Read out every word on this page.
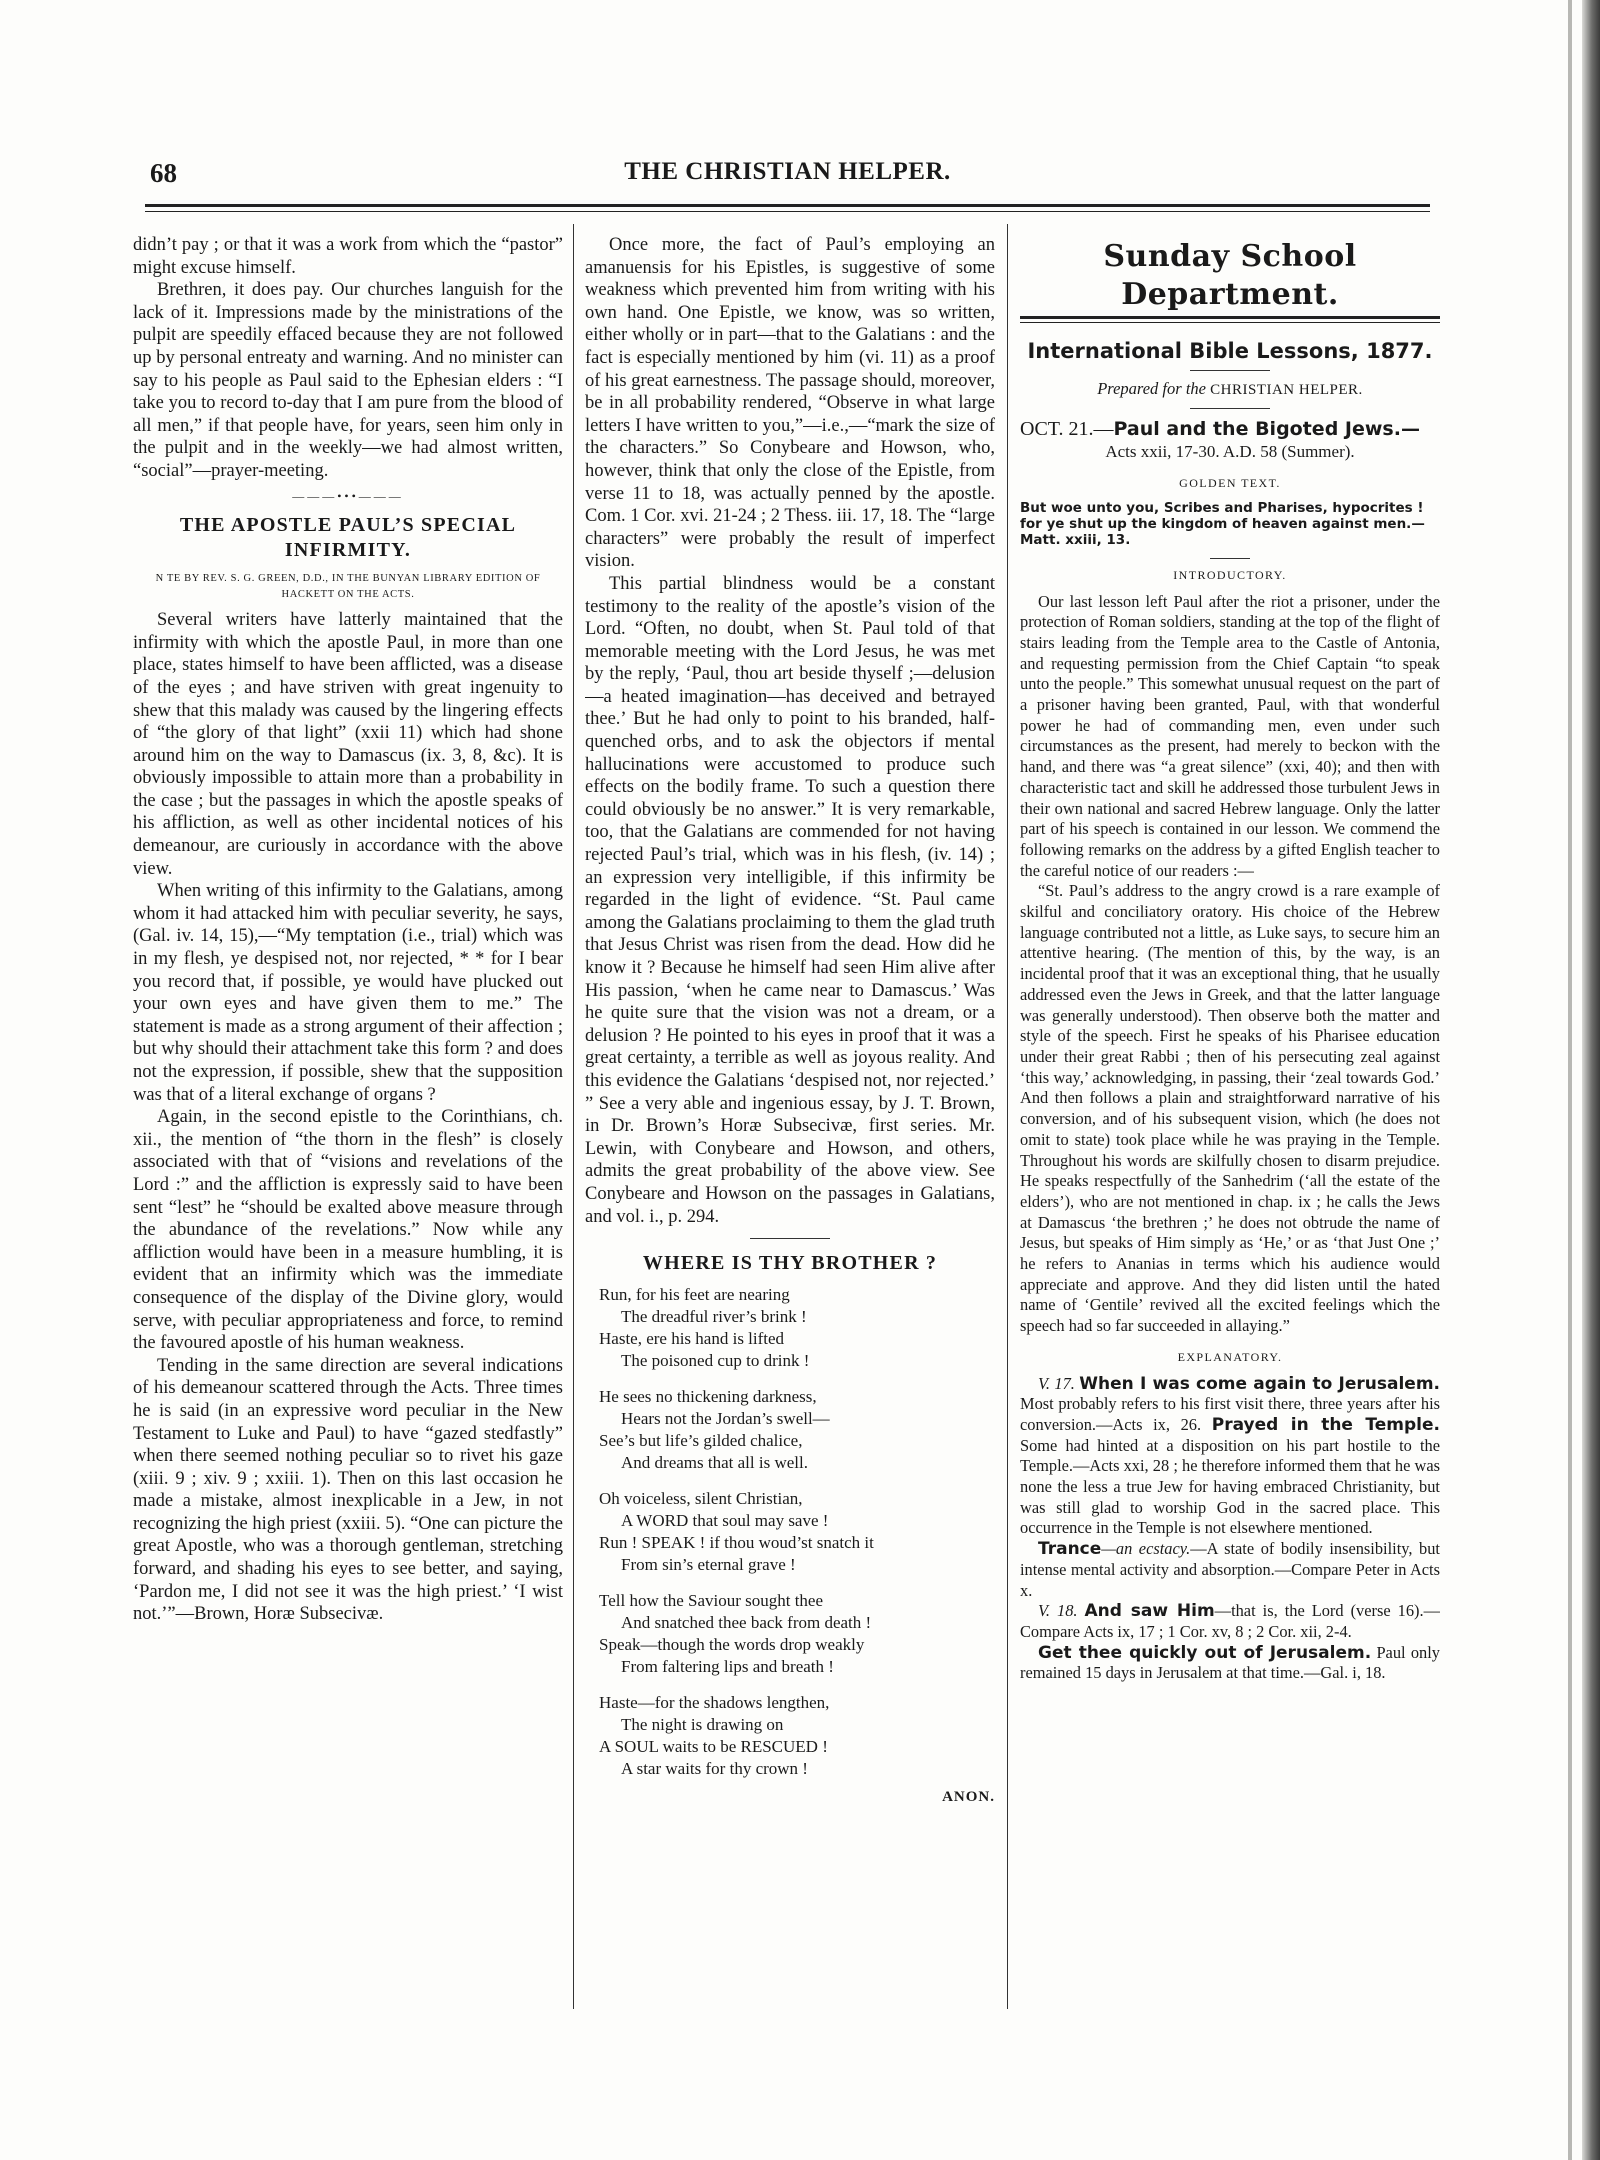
68	THE CHRISTIAN HELPER.

didn’t pay ; or that it was a work from which the “pastor” might excuse himself.

Brethren, it does pay. Our churches languish for the lack of it. Impressions made by the ministrations of the pulpit are speedily effaced because they are not followed up by personal entreaty and warning. And no minister can say to his people as Paul said to the Ephesian elders : “I take you to record to-day that I am pure from the blood of all men,” if that people have, for years, seen him only in the pulpit and in the weekly—we had almost written, “social”—prayer-meeting.

———•••———
THE APOSTLE PAUL’S SPECIAL INFIRMITY.
N TE BY REV. S. G. GREEN, D.D., IN THE BUNYAN LIBRARY EDITION OF HACKETT ON THE ACTS.

Several writers have latterly maintained that the infirmity with which the apostle Paul, in more than one place, states himself to have been afflicted, was a disease of the eyes ; and have striven with great ingenuity to shew that this malady was caused by the lingering effects of “the glory of that light” (xxii 11) which had shone around him on the way to Damascus (ix. 3, 8, &c). It is obviously impossible to attain more than a probability in the case ; but the passages in which the apostle speaks of his affliction, as well as other incidental notices of his demeanour, are curiously in accordance with the above view.

When writing of this infirmity to the Galatians, among whom it had attacked him with peculiar severity, he says, (Gal. iv. 14, 15),—“My temptation (i.e., trial) which was in my flesh, ye despised not, nor rejected, * * for I bear you record that, if possible, ye would have plucked out your own eyes and have given them to me.” The statement is made as a strong argument of their affection ; but why should their attachment take this form ? and does not the expression, if possible, shew that the supposition was that of a literal exchange of organs ?

Again, in the second epistle to the Corinthians, ch. xii., the mention of “the thorn in the flesh” is closely associated with that of “visions and revelations of the Lord :” and the affliction is expressly said to have been sent “lest” he “should be exalted above measure through the abundance of the revelations.” Now while any affliction would have been in a measure humbling, it is evident that an infirmity which was the immediate consequence of the display of the Divine glory, would serve, with peculiar appropriateness and force, to remind the favoured apostle of his human weakness.

Tending in the same direction are several indications of his demeanour scattered through the Acts. Three times he is said (in an expressive word peculiar in the New Testament to Luke and Paul) to have “gazed stedfastly” when there seemed nothing peculiar so to rivet his gaze (xiii. 9 ; xiv. 9 ; xxiii. 1). Then on this last occasion he made a mistake, almost inexplicable in a Jew, in not recognizing the high priest (xxiii. 5). “One can picture the great Apostle, who was a thorough gentleman, stretching forward, and shading his eyes to see better, and saying, ‘Pardon me, I did not see it was the high priest.’ ‘I wist not.’”—Brown, Horæ Subsecivæ.

Once more, the fact of Paul’s employing an amanuensis for his Epistles, is suggestive of some weakness which prevented him from writing with his own hand. One Epistle, we know, was so written, either wholly or in part—that to the Galatians : and the fact is especially mentioned by him (vi. 11) as a proof of his great earnestness. The passage should, moreover, be in all probability rendered, “Observe in what large letters I have written to you,”—i.e.,—“mark the size of the characters.” So Conybeare and Howson, who, however, think that only the close of the Epistle, from verse 11 to 18, was actually penned by the apostle. Com. 1 Cor. xvi. 21-24 ; 2 Thess. iii. 17, 18. The “large characters” were probably the result of imperfect vision.

This partial blindness would be a constant testimony to the reality of the apostle’s vision of the Lord. “Often, no doubt, when St. Paul told of that memorable meeting with the Lord Jesus, he was met by the reply, ‘Paul, thou art beside thyself ;—delusion—a heated imagination—has deceived and betrayed thee.’ But he had only to point to his branded, half-quenched orbs, and to ask the objectors if mental hallucinations were accustomed to produce such effects on the bodily frame. To such a question there could obviously be no answer.” It is very remarkable, too, that the Galatians are commended for not having rejected Paul’s trial, which was in his flesh, (iv. 14) ; an expression very intelligible, if this infirmity be regarded in the light of evidence. “St. Paul came among the Galatians proclaiming to them the glad truth that Jesus Christ was risen from the dead. How did he know it ? Because he himself had seen Him alive after His passion, ‘when he came near to Damascus.’ Was he quite sure that the vision was not a dream, or a delusion ? He pointed to his eyes in proof that it was a great certainty, a terrible as well as joyous reality. And this evidence the Galatians ‘despised not, nor rejected.’ ” See a very able and ingenious essay, by J. T. Brown, in Dr. Brown’s Horæ Subsecivæ, first series. Mr. Lewin, with Conybeare and Howson, and others, admits the great probability of the above view. See Conybeare and Howson on the passages in Galatians, and vol. i., p. 294.

WHERE IS THY BROTHER ?
Run, for his feet are nearing
The dreadful river’s brink !
Haste, ere his hand is lifted
The poisoned cup to drink !
He sees no thickening darkness,
Hears not the Jordan’s swell—
See’s but life’s gilded chalice,
And dreams that all is well.
Oh voiceless, silent Christian,
A WORD that soul may save !
Run ! SPEAK ! if thou woud’st snatch it
From sin’s eternal grave !
Tell how the Saviour sought thee
And snatched thee back from death !
Speak—though the words drop weakly
From faltering lips and breath !
Haste—for the shadows lengthen,
The night is drawing on
A SOUL waits to be RESCUED !
A star waits for thy crown !
ANON.
Sunday School Department.
International Bible Lessons, 1877.
Prepared for the CHRISTIAN HELPER.
OCT. 21.—Paul and the Bigoted Jews.—
Acts xxii, 17-30. A.D. 58 (Summer).
GOLDEN TEXT.
But woe unto you, Scribes and Pharises, hypocrites ! for ye shut up the kingdom of heaven against men.—Matt. xxiii, 13.
INTRODUCTORY.

Our last lesson left Paul after the riot a prisoner, under the protection of Roman soldiers, standing at the top of the flight of stairs leading from the Temple area to the Castle of Antonia, and requesting permission from the Chief Captain “to speak unto the people.” This somewhat unusual request on the part of a prisoner having been granted, Paul, with that wonderful power he had of commanding men, even under such circumstances as the present, had merely to beckon with the hand, and there was “a great silence” (xxi, 40); and then with characteristic tact and skill he addressed those turbulent Jews in their own national and sacred Hebrew language. Only the latter part of his speech is contained in our lesson. We commend the following remarks on the address by a gifted English teacher to the careful notice of our readers :—

“St. Paul’s address to the angry crowd is a rare example of skilful and conciliatory oratory. His choice of the Hebrew language contributed not a little, as Luke says, to secure him an attentive hearing. (The mention of this, by the way, is an incidental proof that it was an exceptional thing, that he usually addressed even the Jews in Greek, and that the latter language was generally understood). Then observe both the matter and style of the speech. First he speaks of his Pharisee education under their great Rabbi ; then of his persecuting zeal against ‘this way,’ acknowledging, in passing, their ‘zeal towards God.’ And then follows a plain and straightforward narrative of his conversion, and of his subsequent vision, which (he does not omit to state) took place while he was praying in the Temple. Throughout his words are skilfully chosen to disarm prejudice. He speaks respectfully of the Sanhedrim (‘all the estate of the elders’), who are not mentioned in chap. ix ; he calls the Jews at Damascus ‘the brethren ;’ he does not obtrude the name of Jesus, but speaks of Him simply as ‘He,’ or as ‘that Just One ;’ he refers to Ananias in terms which his audience would appreciate and approve. And they did listen until the hated name of ‘Gentile’ revived all the excited feelings which the speech had so far succeeded in allaying.”

EXPLANATORY.

V. 17. When I was come again to Jerusalem. Most probably refers to his first visit there, three years after his conversion.—Acts ix, 26. Prayed in the Temple. Some had hinted at a disposition on his part hostile to the Temple.—Acts xxi, 28 ; he therefore informed them that he was none the less a true Jew for having embraced Christianity, but was still glad to worship God in the sacred place. This occurrence in the Temple is not elsewhere mentioned.

Trance—an ecstacy.—A state of bodily insensibility, but intense mental activity and absorption.—Compare Peter in Acts x.

V. 18. And saw Him—that is, the Lord (verse 16).—Compare Acts ix, 17 ; 1 Cor. xv, 8 ; 2 Cor. xii, 2-4.

Get thee quickly out of Jerusalem. Paul only remained 15 days in Jerusalem at that time.—Gal. i, 18.
